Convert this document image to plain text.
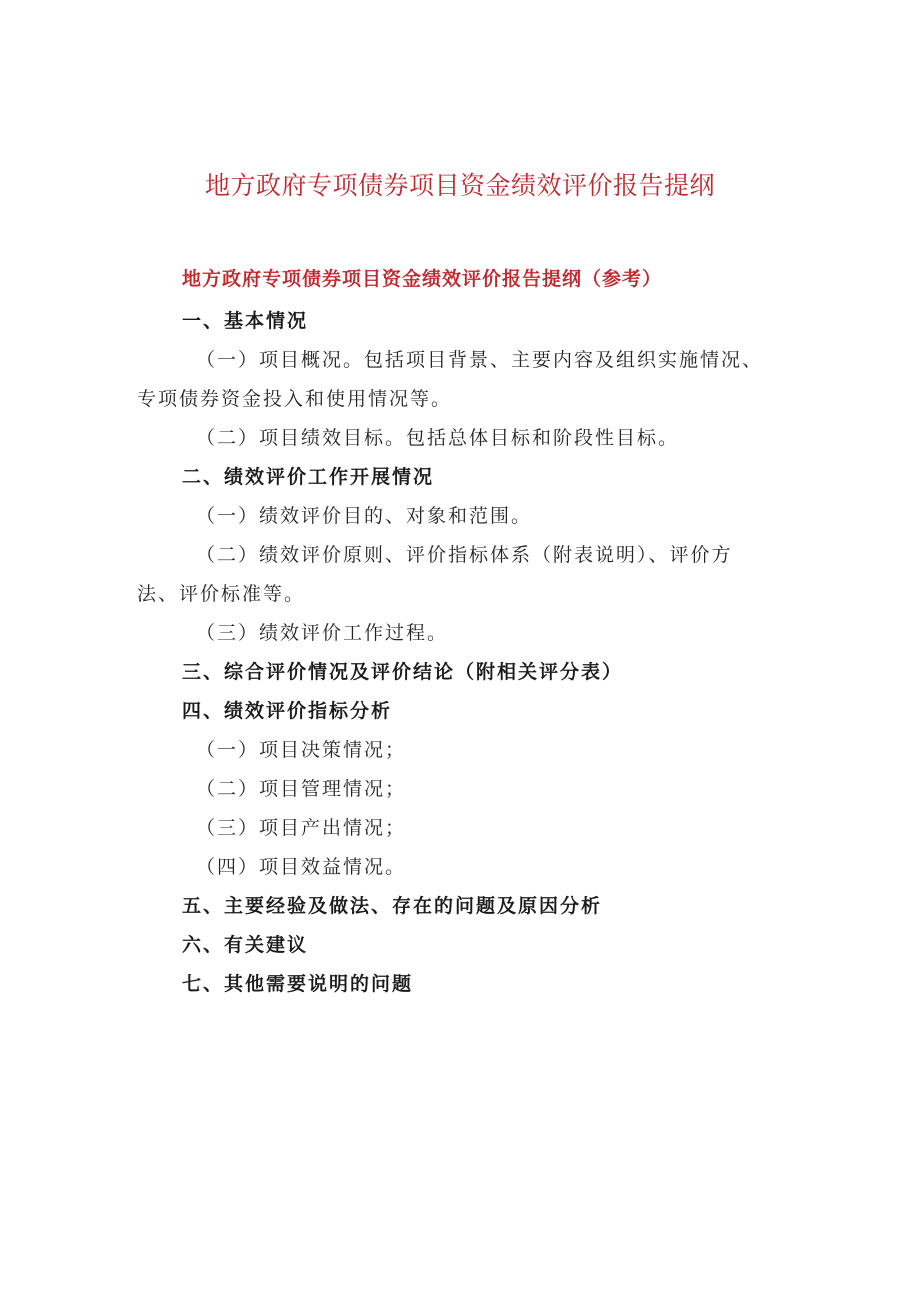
地方政府专项债券项目资金绩效评价报告提纲

地方政府专项债券项目资金绩效评价报告提纲（参考）

一、基本情况

（一）项目概况。包括项目背景、主要内容及组织实施情况、

专项债券资金投入和使用情况等。

（二）项目绩效目标。包括总体目标和阶段性目标。

二、绩效评价工作开展情况

（一）绩效评价目的、对象和范围。

（二）绩效评价原则、评价指标体系（附表说明）、评价方

法、评价标准等。

（三）绩效评价工作过程。

三、综合评价情况及评价结论（附相关评分表）

四、绩效评价指标分析

（一）项目决策情况；

（二）项目管理情况；

（三）项目产出情况；

（四）项目效益情况。

五、主要经验及做法、存在的问题及原因分析

六、有关建议

七、其他需要说明的问题
